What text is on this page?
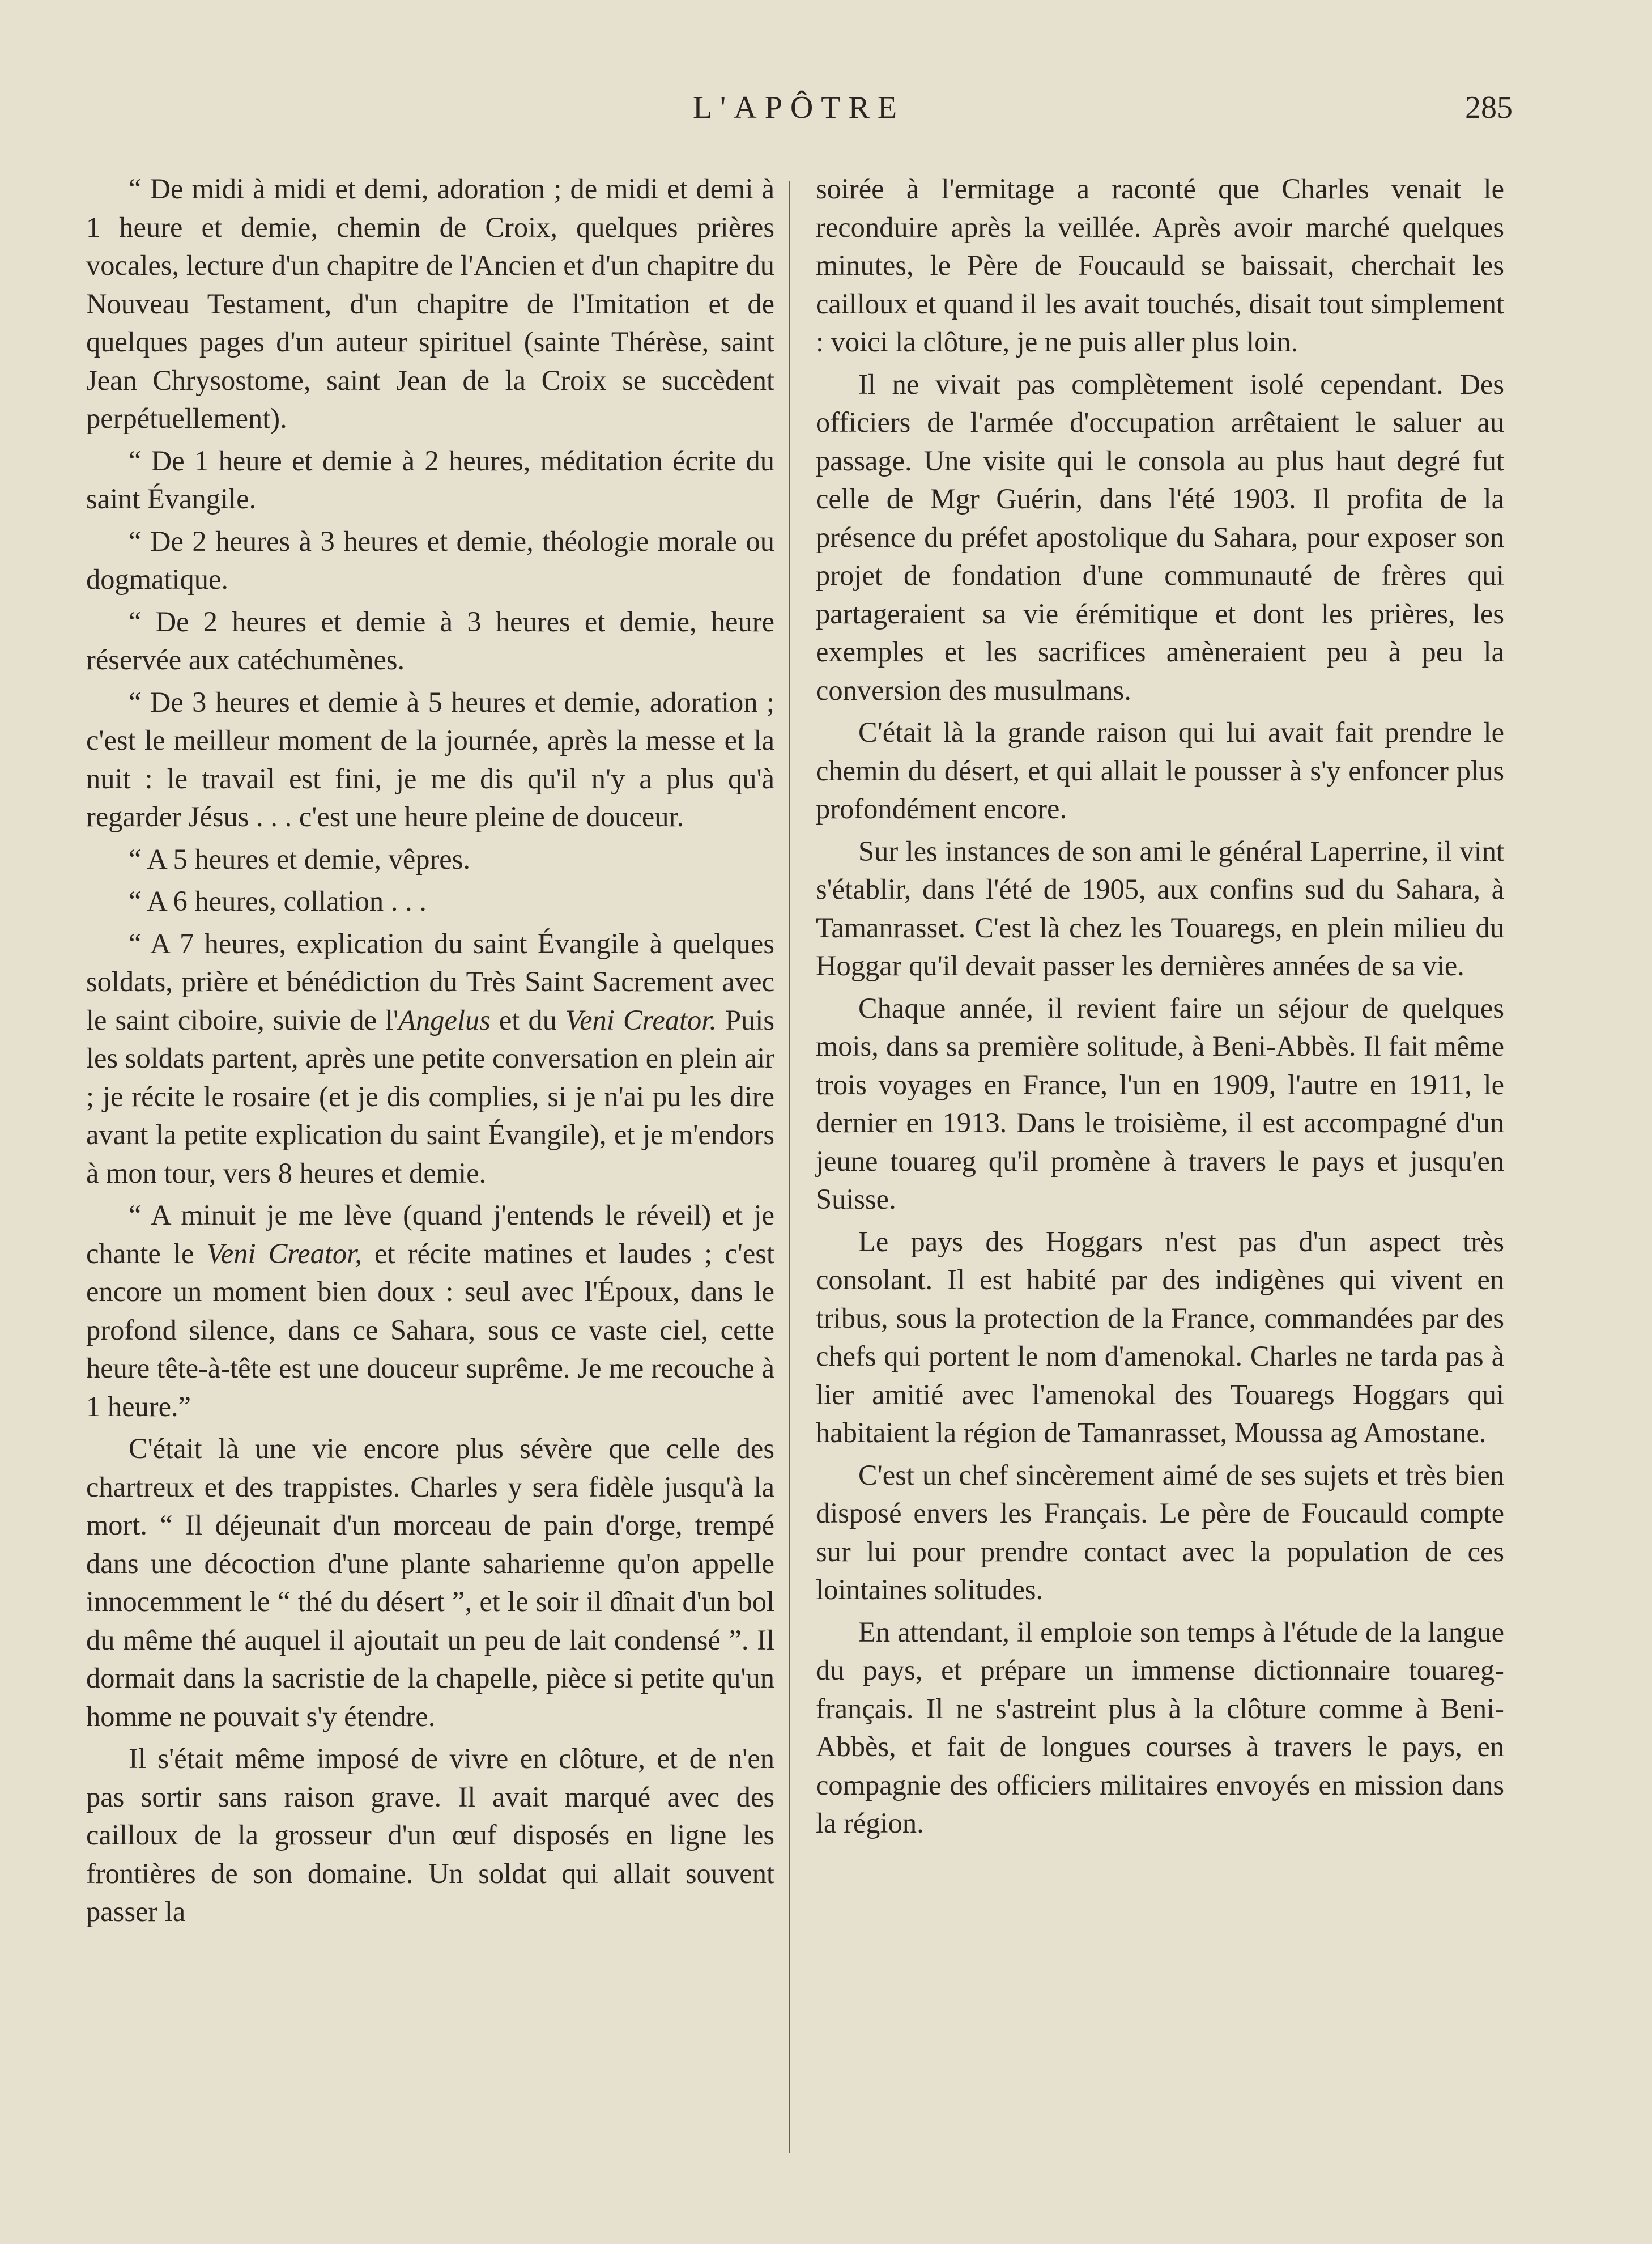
L'APÔTRE	285

“ De midi à midi et demi, adoration ; de midi et demi à 1 heure et demie, chemin de Croix, quelques prières vocales, lecture d'un chapitre de l'Ancien et d'un chapitre du Nouveau Testament, d'un chapitre de l'Imitation et de quelques pages d'un auteur spirituel (sainte Thérèse, saint Jean Chrysostome, saint Jean de la Croix se succèdent perpétuellement).

“ De 1 heure et demie à 2 heures, méditation écrite du saint Évangile.

“ De 2 heures à 3 heures et demie, théologie morale ou dogmatique.

“ De 2 heures et demie à 3 heures et demie, heure réservée aux catéchumènes.

“ De 3 heures et demie à 5 heures et demie, adoration ; c'est le meilleur moment de la journée, après la messe et la nuit : le travail est fini, je me dis qu'il n'y a plus qu'à regarder Jésus . . . c'est une heure pleine de douceur.

“ A 5 heures et demie, vêpres.

“ A 6 heures, collation . . .

“ A 7 heures, explication du saint Évangile à quelques soldats, prière et bénédiction du Très Saint Sacrement avec le saint ciboire, suivie de l'Angelus et du Veni Creator. Puis les soldats partent, après une petite conversation en plein air ; je récite le rosaire (et je dis complies, si je n'ai pu les dire avant la petite explication du saint Évangile), et je m'endors à mon tour, vers 8 heures et demie.

“ A minuit je me lève (quand j'entends le réveil) et je chante le Veni Creator, et récite matines et laudes ; c'est encore un moment bien doux : seul avec l'Époux, dans le profond silence, dans ce Sahara, sous ce vaste ciel, cette heure tête-à-tête est une douceur suprême. Je me recouche à 1 heure.”

C'était là une vie encore plus sévère que celle des chartreux et des trappistes. Charles y sera fidèle jusqu'à la mort. “ Il déjeunait d'un morceau de pain d'orge, trempé dans une décoction d'une plante saharienne qu'on appelle innocemment le “ thé du désert ”, et le soir il dînait d'un bol du même thé auquel il ajoutait un peu de lait condensé ”. Il dormait dans la sacristie de la chapelle, pièce si petite qu'un homme ne pouvait s'y étendre.

Il s'était même imposé de vivre en clôture, et de n'en pas sortir sans raison grave. Il avait marqué avec des cailloux de la grosseur d'un œuf disposés en ligne les frontières de son domaine. Un soldat qui allait souvent passer la

soirée à l'ermitage a raconté que Charles venait le reconduire après la veillée. Après avoir marché quelques minutes, le Père de Foucauld se baissait, cherchait les cailloux et quand il les avait touchés, disait tout simplement : voici la clôture, je ne puis aller plus loin.

Il ne vivait pas complètement isolé cependant. Des officiers de l'armée d'occupation arrêtaient le saluer au passage. Une visite qui le consola au plus haut degré fut celle de Mgr Guérin, dans l'été 1903. Il profita de la présence du préfet apostolique du Sahara, pour exposer son projet de fondation d'une communauté de frères qui partageraient sa vie érémitique et dont les prières, les exemples et les sacrifices amèneraient peu à peu la conversion des musulmans.

C'était là la grande raison qui lui avait fait prendre le chemin du désert, et qui allait le pousser à s'y enfoncer plus profondément encore.

Sur les instances de son ami le général Laperrine, il vint s'établir, dans l'été de 1905, aux confins sud du Sahara, à Tamanrasset. C'est là chez les Touaregs, en plein milieu du Hoggar qu'il devait passer les dernières années de sa vie.

Chaque année, il revient faire un séjour de quelques mois, dans sa première solitude, à Beni-Abbès. Il fait même trois voyages en France, l'un en 1909, l'autre en 1911, le dernier en 1913. Dans le troisième, il est accompagné d'un jeune touareg qu'il promène à travers le pays et jusqu'en Suisse.

Le pays des Hoggars n'est pas d'un aspect très consolant. Il est habité par des indigènes qui vivent en tribus, sous la protection de la France, commandées par des chefs qui portent le nom d'amenokal. Charles ne tarda pas à lier amitié avec l'amenokal des Touaregs Hoggars qui habitaient la région de Tamanrasset, Moussa ag Amostane.

C'est un chef sincèrement aimé de ses sujets et très bien disposé envers les Français. Le père de Foucauld compte sur lui pour prendre contact avec la population de ces lointaines solitudes.

En attendant, il emploie son temps à l'étude de la langue du pays, et prépare un immense dictionnaire touareg-français. Il ne s'astreint plus à la clôture comme à Beni-Abbès, et fait de longues courses à travers le pays, en compagnie des officiers militaires envoyés en mission dans la région.
